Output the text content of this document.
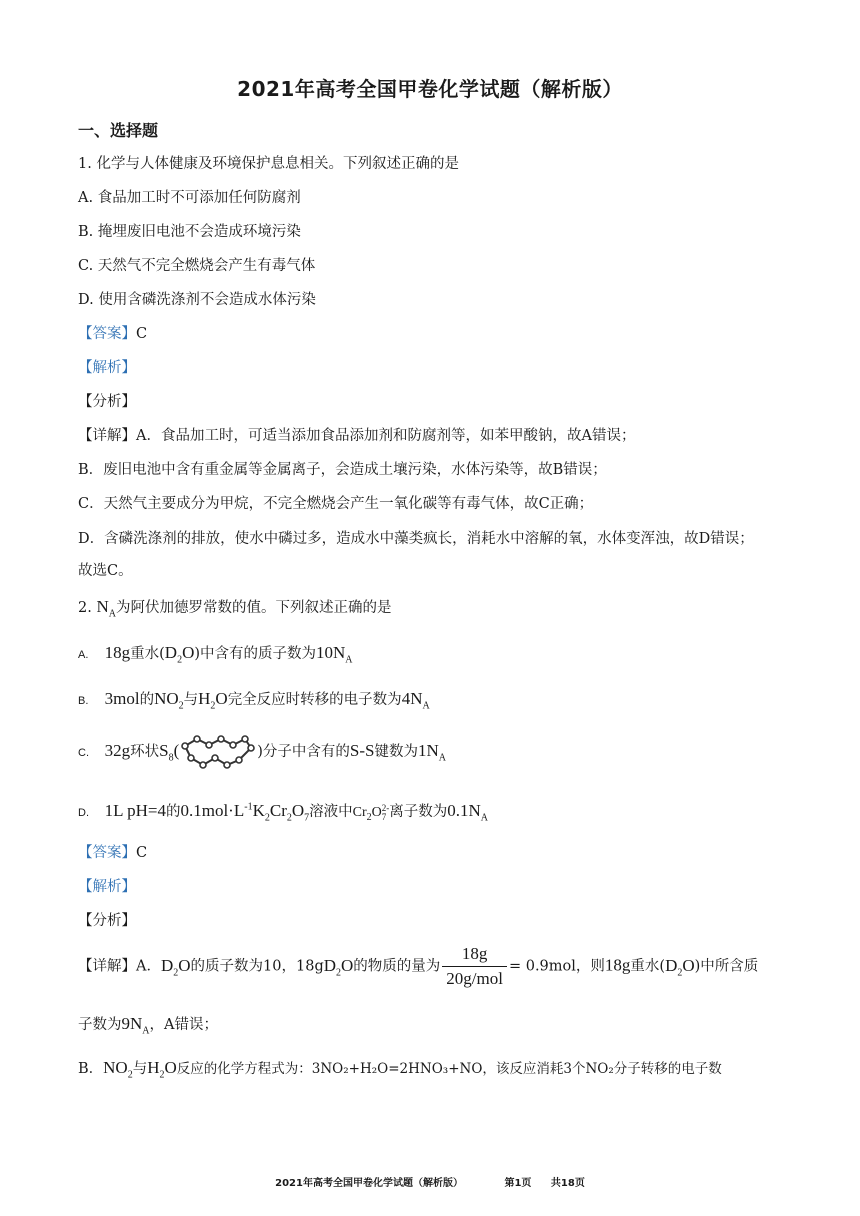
2021年高考全国甲卷化学试题（解析版）
一、选择题
1. 化学与人体健康及环境保护息息相关。下列叙述正确的是
A. 食品加工时不可添加任何防腐剂
B. 掩埋废旧电池不会造成环境污染
C. 天然气不完全燃烧会产生有毒气体
D. 使用含磷洗涤剂不会造成水体污染
【答案】C
【解析】
【分析】
【详解】A．食品加工时，可适当添加食品添加剂和防腐剂等，如苯甲酸钠，故A错误；
B．废旧电池中含有重金属等金属离子，会造成土壤污染，水体污染等，故B错误；
C．天然气主要成分为甲烷，不完全燃烧会产生一氧化碳等有毒气体，故C正确；
D．含磷洗涤剂的排放，使水中磷过多，造成水中藻类疯长，消耗水中溶解的氧，水体变浑浊，故D错误；
故选C。
2. $N_A$为阿伏加德罗常数的值。下列叙述正确的是
A. 18g重水$(D_2O)$中含有的质子数为$10N_A$
B. 3mol的$NO_2$与$H_2O$完全反应时转移的电子数为$4N_A$
C. 32g环状$S_8$(	)分子中含有的S-S键数为$1N_A$
D. 1L pH=4的$0.1mol\cdot L^{-1}K_2Cr_2O_7$溶液中$Cr_2O$ 2-
7 离子数为$0.1N_A$
【答案】C
【解析】
【分析】
【详解】A．$D_2O$的质子数为10，$18gD_2O$的物质的量为 $\frac{18g}{\text{20g/mol}} = 0.9mol$，则18g重水$(D_2O)$中所含质
子数为$9N_A$，A错误；
B．$NO_2$与$H_2O$反应的化学方程式为：3NO₂+H₂O=2HNO₃+NO，该反应消耗3个NO₂分子转移的电子数
2021年高考全国甲卷化学试题（解析版）	第1页 共18页
